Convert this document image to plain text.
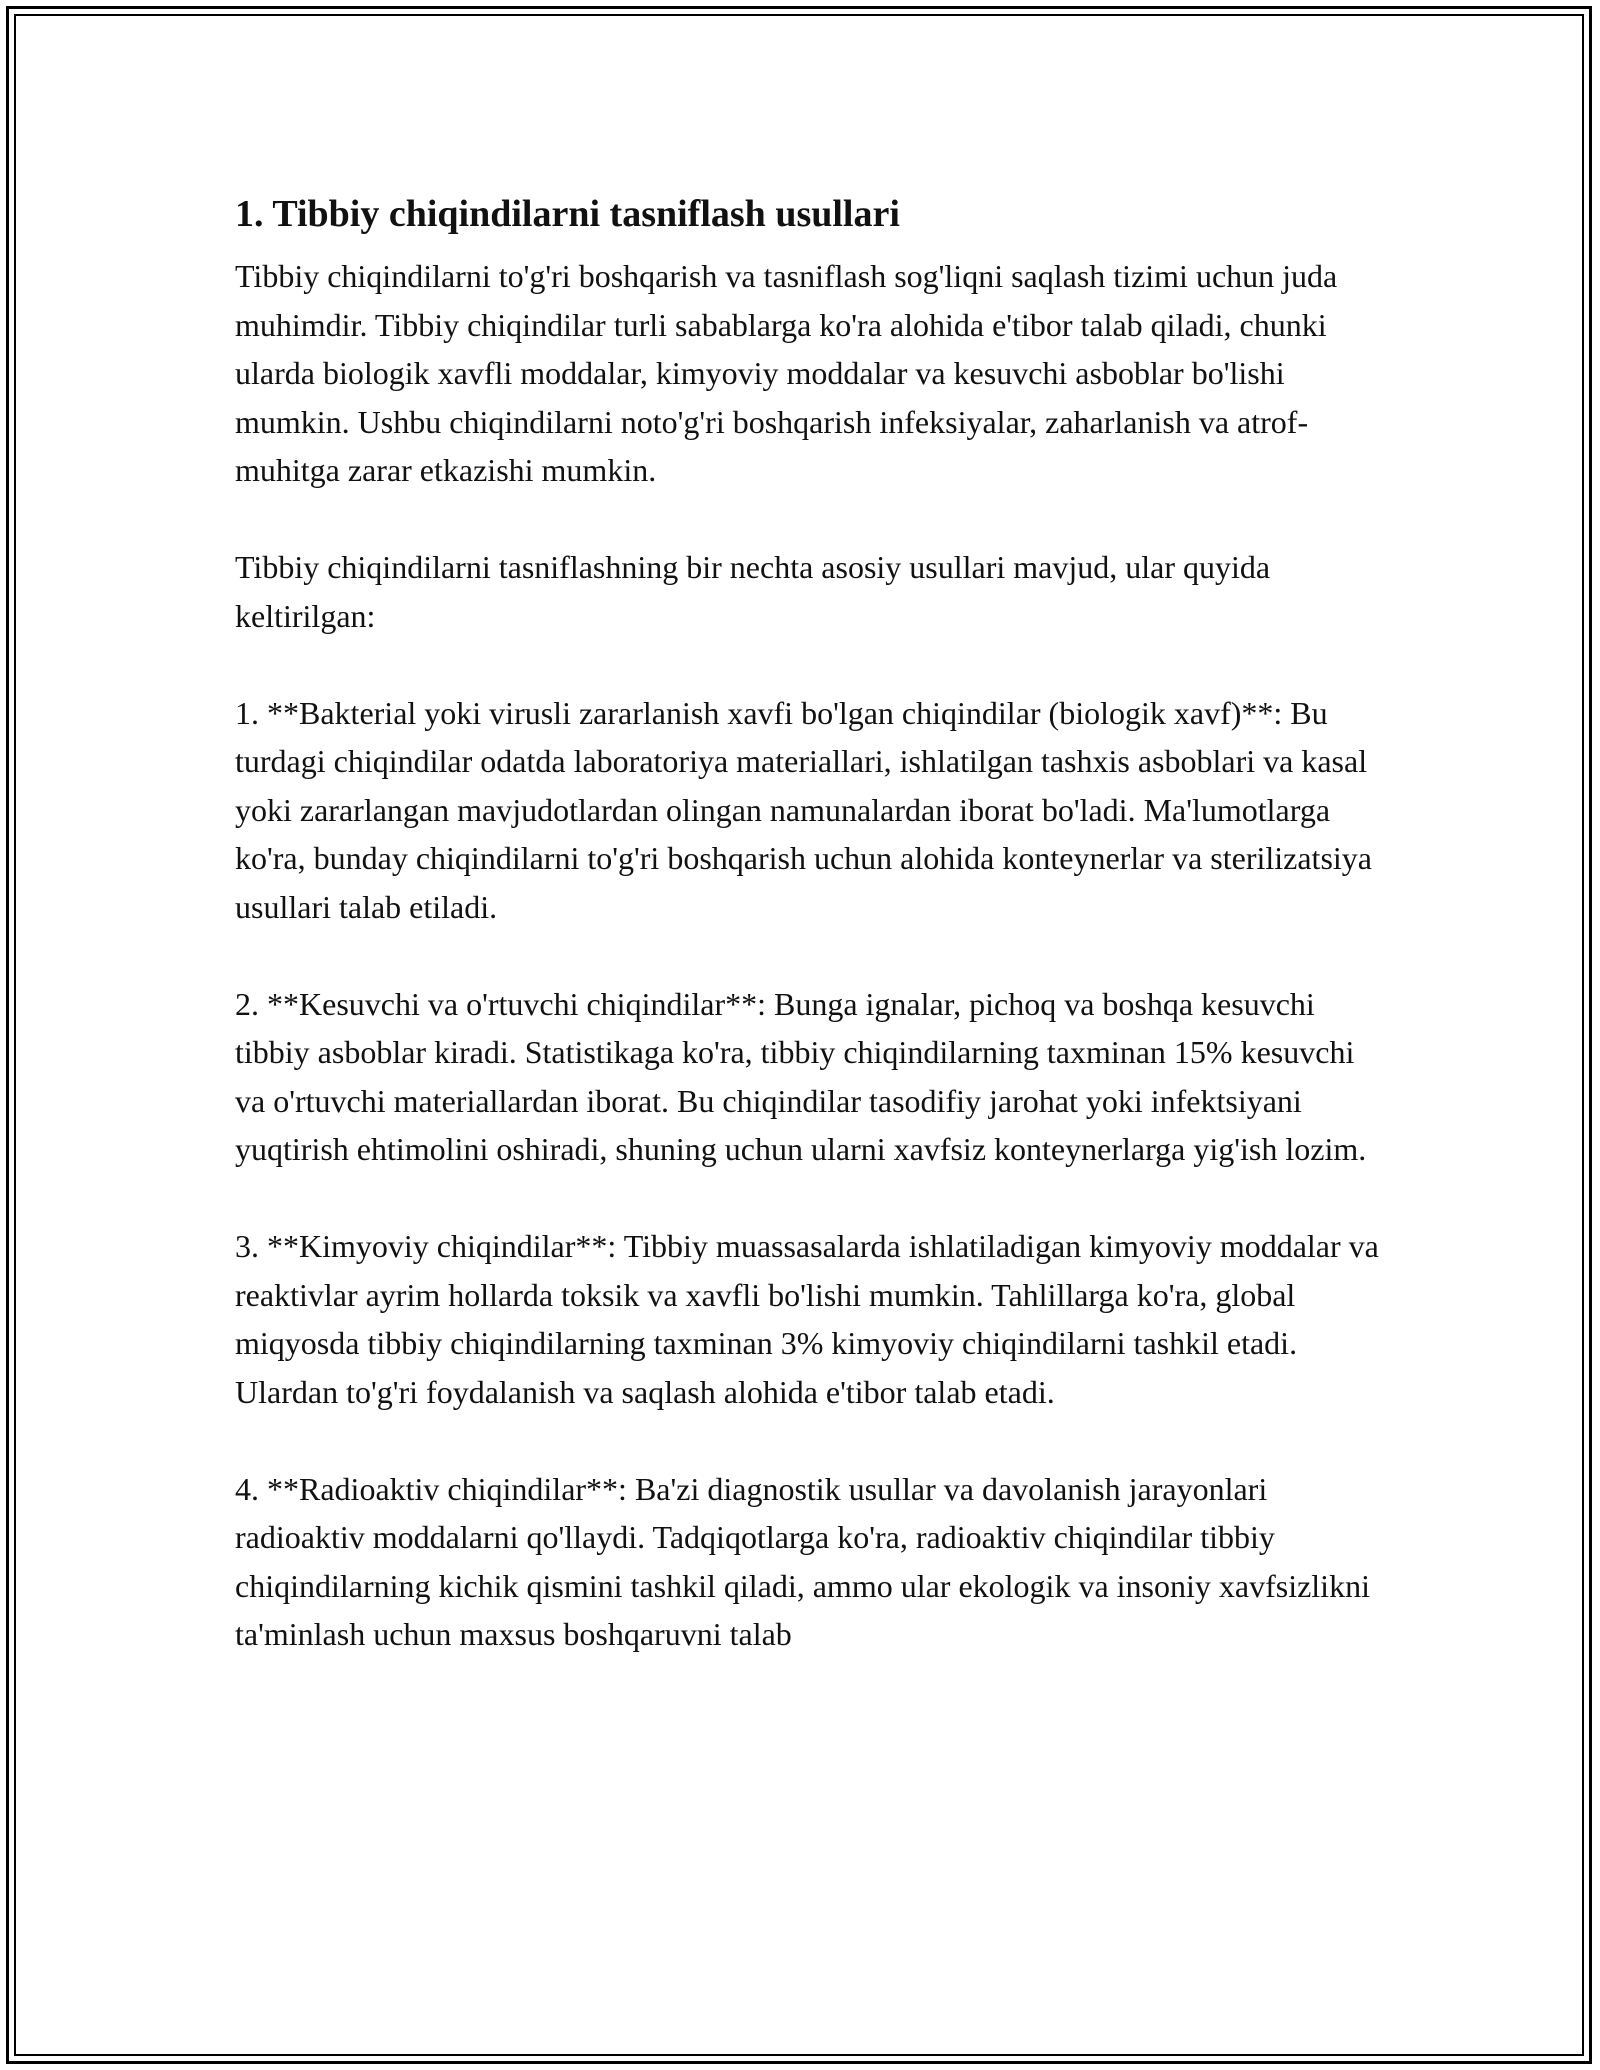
1. Tibbiy chiqindilarni tasniflash usullari

Tibbiy chiqindilarni to'g'ri boshqarish va tasniflash sog'liqni saqlash tizimi uchun juda muhimdir. Tibbiy chiqindilar turli sabablarga ko'ra alohida e'tibor talab qiladi, chunki ularda biologik xavfli moddalar, kimyoviy moddalar va kesuvchi asboblar bo'lishi mumkin. Ushbu chiqindilarni noto'g'ri boshqarish infeksiyalar, zaharlanish va atrof-muhitga zarar etkazishi mumkin.

Tibbiy chiqindilarni tasniflashning bir nechta asosiy usullari mavjud, ular quyida keltirilgan:

1. **Bakterial yoki virusli zararlanish xavfi bo'lgan chiqindilar (biologik xavf)**: Bu turdagi chiqindilar odatda laboratoriya materiallari, ishlatilgan tashxis asboblari va kasal yoki zararlangan mavjudotlardan olingan namunalardan iborat bo'ladi. Ma'lumotlarga ko'ra, bunday chiqindilarni to'g'ri boshqarish uchun alohida konteynerlar va sterilizatsiya usullari talab etiladi.

2. **Kesuvchi va o'rtuvchi chiqindilar**: Bunga ignalar, pichoq va boshqa kesuvchi tibbiy asboblar kiradi. Statistikaga ko'ra, tibbiy chiqindilarning taxminan 15% kesuvchi va o'rtuvchi materiallardan iborat. Bu chiqindilar tasodifiy jarohat yoki infektsiyani yuqtirish ehtimolini oshiradi, shuning uchun ularni xavfsiz konteynerlarga yig'ish lozim.

3. **Kimyoviy chiqindilar**: Tibbiy muassasalarda ishlatiladigan kimyoviy moddalar va reaktivlar ayrim hollarda toksik va xavfli bo'lishi mumkin. Tahlillarga ko'ra, global miqyosda tibbiy chiqindilarning taxminan 3% kimyoviy chiqindilarni tashkil etadi. Ulardan to'g'ri foydalanish va saqlash alohida e'tibor talab etadi.

4. **Radioaktiv chiqindilar**: Ba'zi diagnostik usullar va davolanish jarayonlari radioaktiv moddalarni qo'llaydi. Tadqiqotlarga ko'ra, radioaktiv chiqindilar tibbiy chiqindilarning kichik qismini tashkil qiladi, ammo ular ekologik va insoniy xavfsizlikni ta'minlash uchun maxsus boshqaruvni talab
